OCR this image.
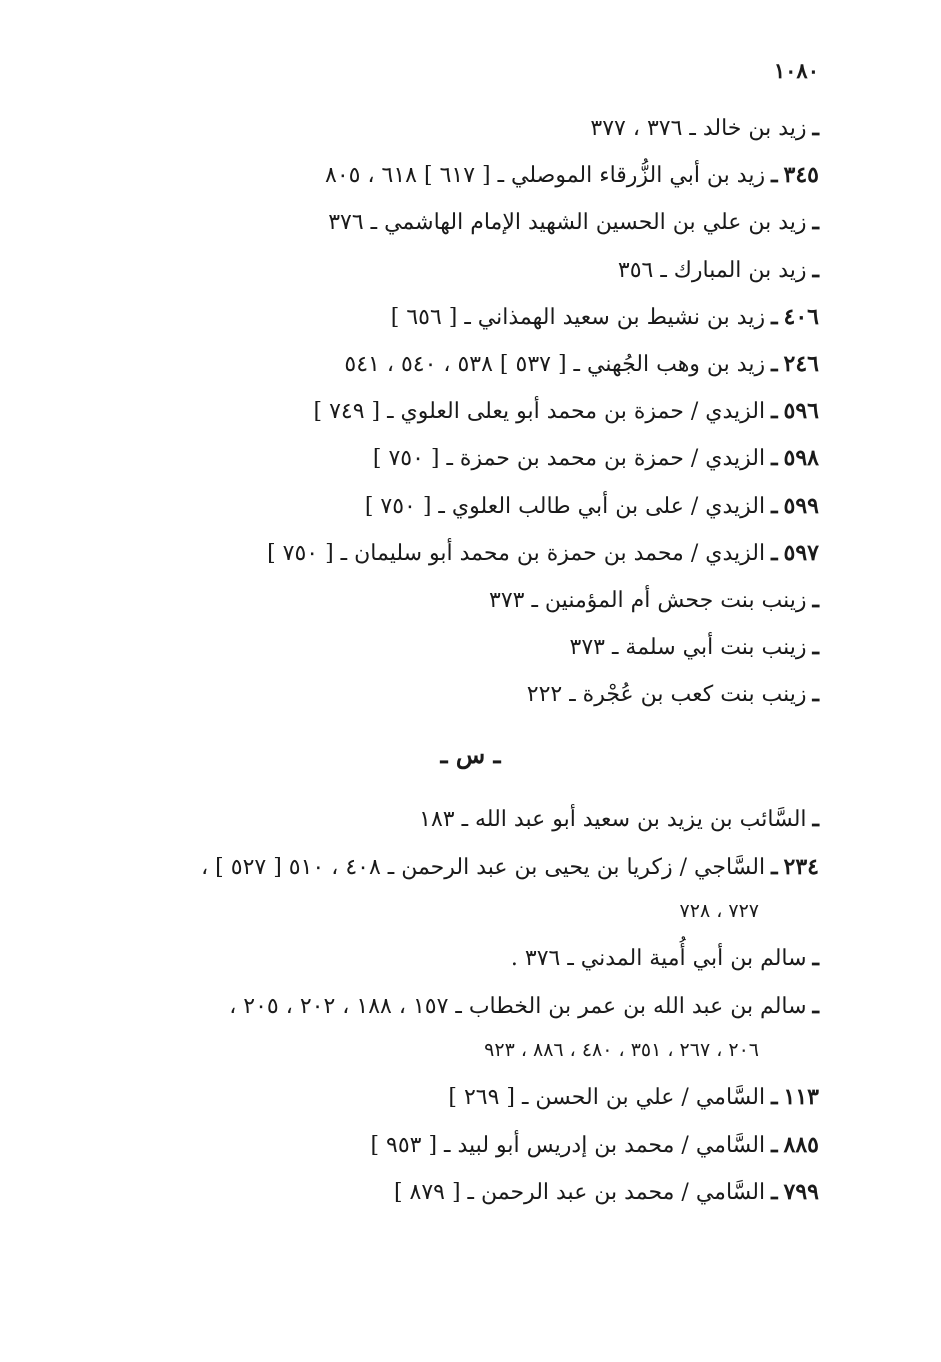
١٠٨٠
ـزيد بن خالد ـ ٣٧٦ ، ٣٧٧
٣٤٥ـزيد بن أبي الزُّرقاء الموصلي ـ [ ٦١٧ ] ٦١٨ ، ٨٠٥
ـزيد بن علي بن الحسين الشهيد الإمام الهاشمي ـ ٣٧٦
ـزيد بن المبارك ـ ٣٥٦
٤٠٦ـزيد بن نشيط بن سعيد الهمذاني ـ [ ٦٥٦ ]
٢٤٦ـزيد بن وهب الجُهني ـ [ ٥٣٧ ] ٥٣٨ ، ٥٤٠ ، ٥٤١
٥٩٦ـالزيدي / حمزة بن محمد أبو يعلى العلوي ـ [ ٧٤٩ ]
٥٩٨ـالزيدي / حمزة بن محمد بن حمزة ـ [ ٧٥٠ ]
٥٩٩ـالزيدي / على بن أبي طالب العلوي ـ [ ٧٥٠ ]
٥٩٧ـالزيدي / محمد بن حمزة بن محمد أبو سليمان ـ [ ٧٥٠ ]
ـزينب بنت جحش أم المؤمنين ـ ٣٧٣
ـزينب بنت أبي سلمة ـ ٣٧٣
ـزينب بنت كعب بن عُجْرة ـ ٢٢٢
ـ س ـ
ـالسَّائب بن يزيد بن سعيد أبو عبد الله ـ ١٨٣
٢٣٤ـالسَّاجي / زكريا بن يحيى بن عبد الرحمن ـ ٤٠٨ ، ٥١٠ [ ٥٢٧ ] ،
٧٢٧ ، ٧٢٨
ـسالم بن أبي أُمية المدني ـ ٣٧٦ .
ـسالم بن عبد الله بن عمر بن الخطاب ـ ١٥٧ ، ١٨٨ ، ٢٠٢ ، ٢٠٥ ،
٢٠٦ ، ٢٦٧ ، ٣٥١ ، ٤٨٠ ، ٨٨٦ ، ٩٢٣
١١٣ـالسَّامي / علي بن الحسن ـ [ ٢٦٩ ]
٨٨٥ـالسَّامي / محمد بن إدريس أبو لبيد ـ [ ٩٥٣ ]
٧٩٩ـالسَّامي / محمد بن عبد الرحمن ـ [ ٨٧٩ ]
